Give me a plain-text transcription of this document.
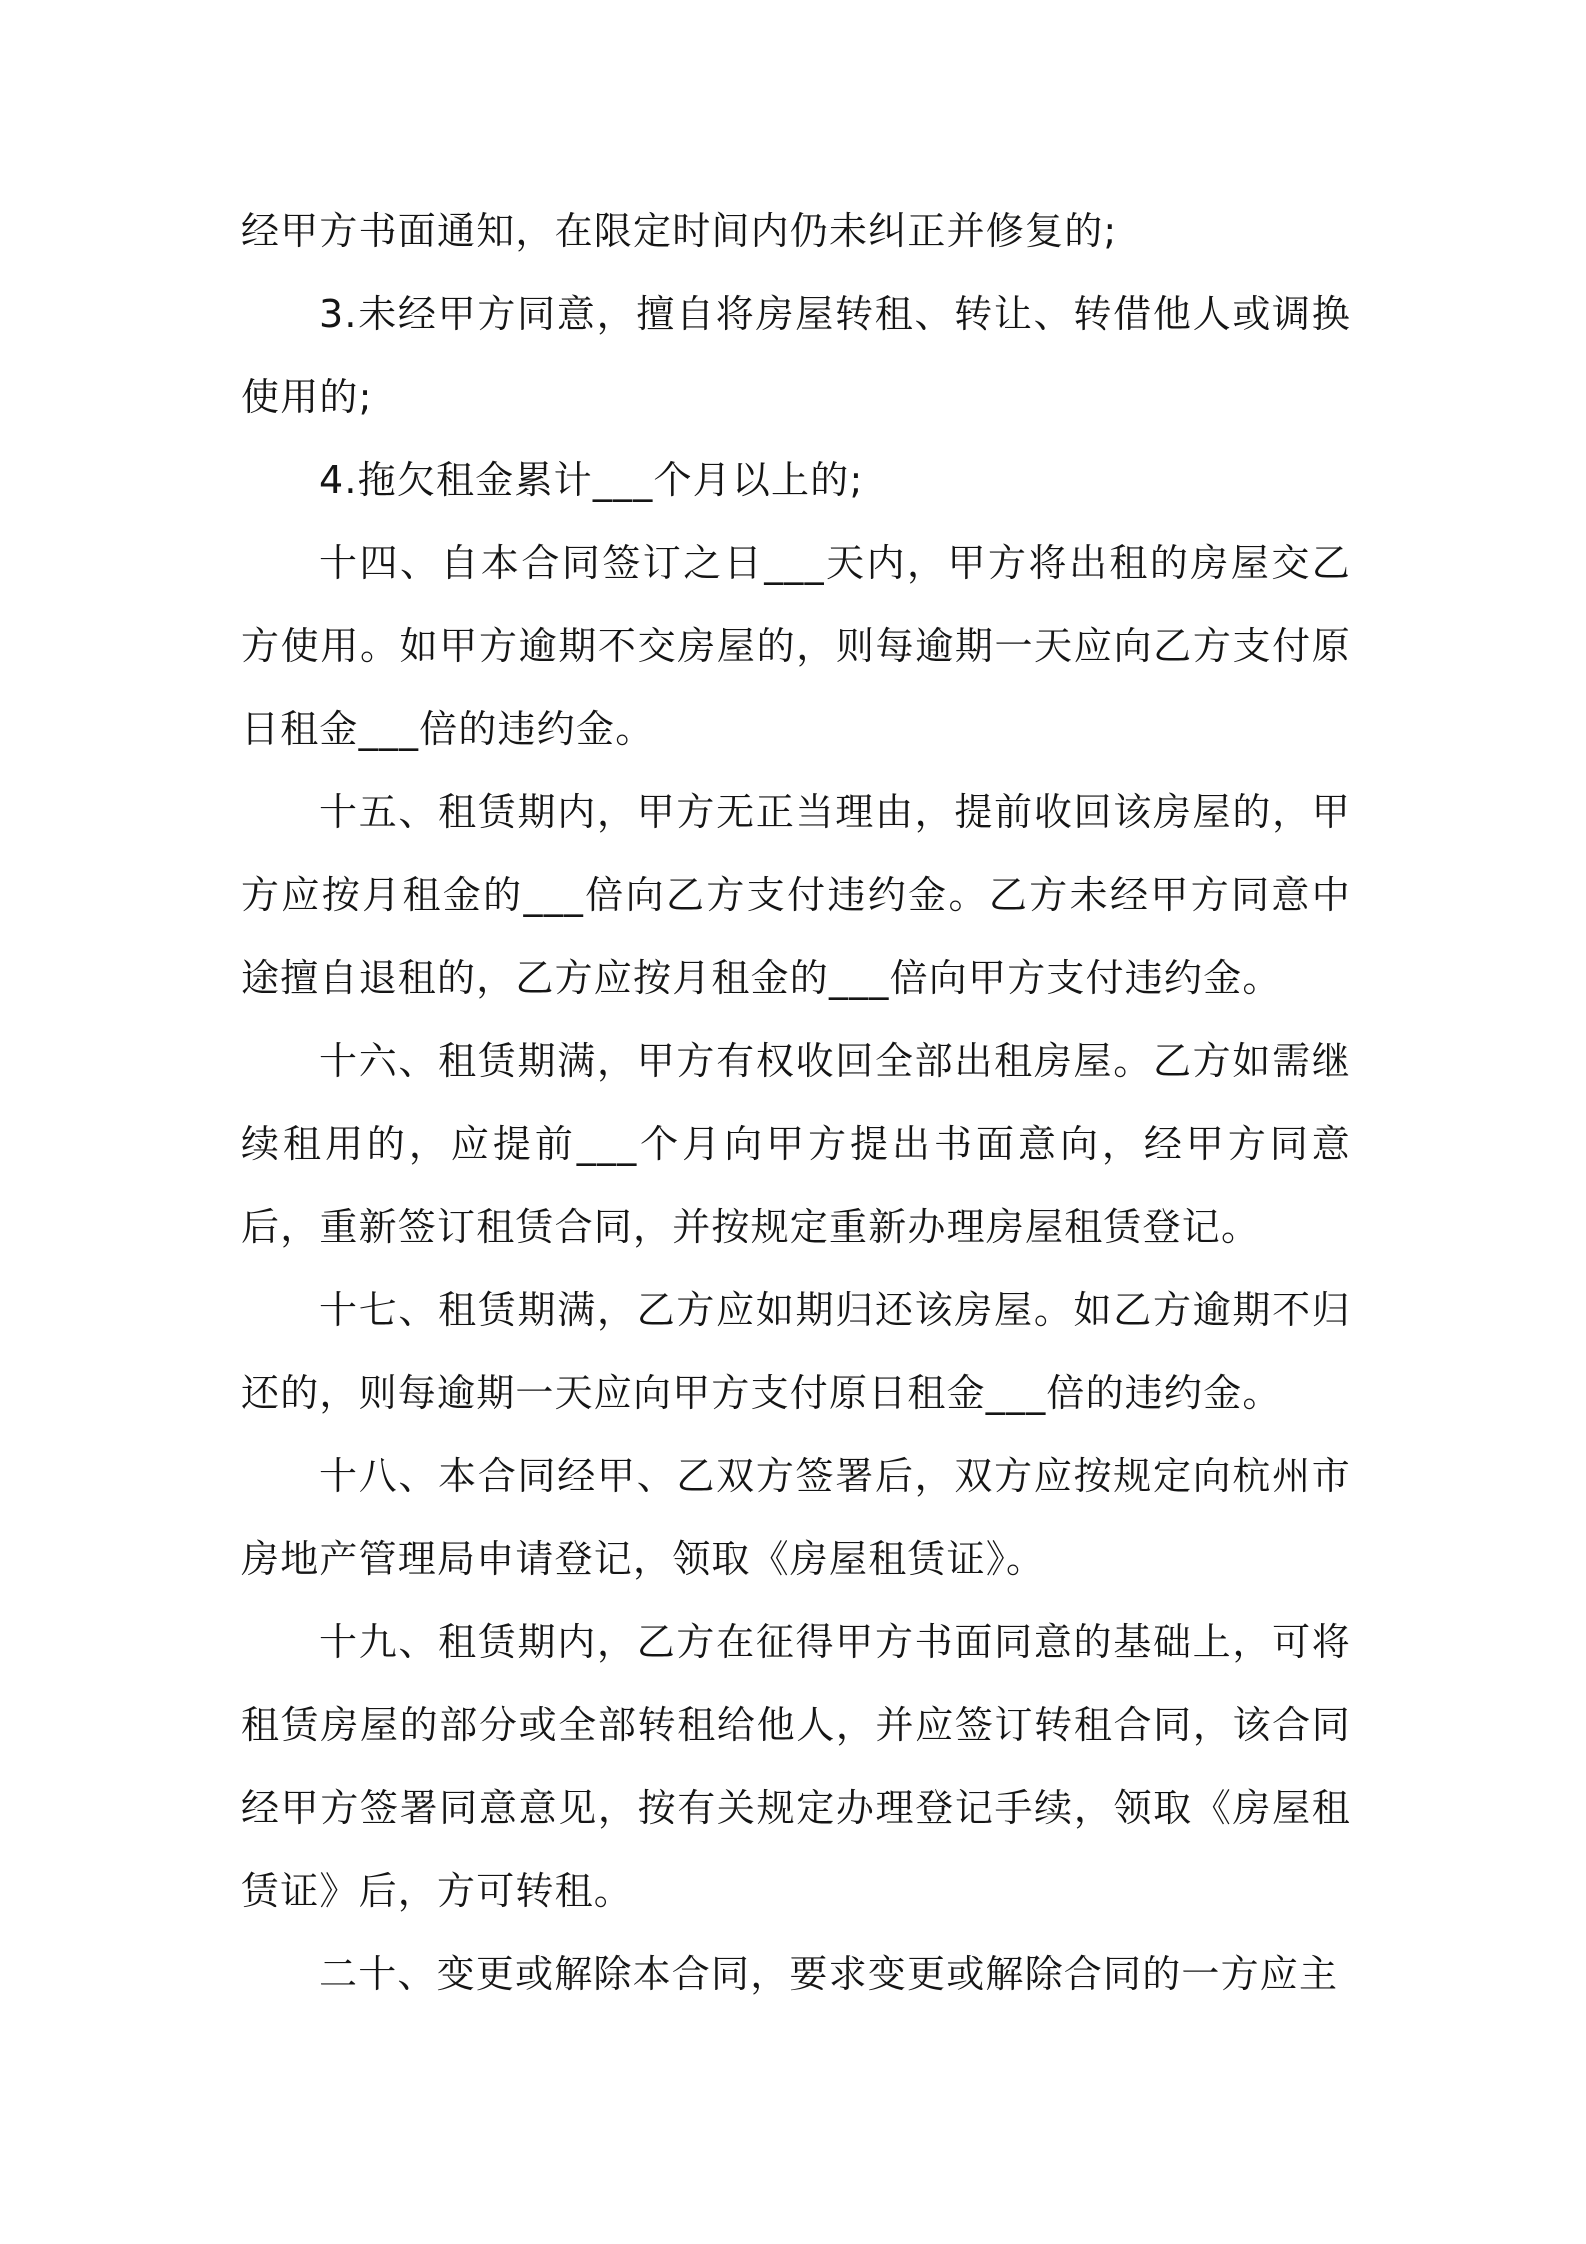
经甲方书面通知，在限定时间内仍未纠正并修复的;

3.未经甲方同意，擅自将房屋转租、转让、转借他人或调换使用的;

4.拖欠租金累计___个月以上的;

十四、自本合同签订之日___天内，甲方将出租的房屋交乙方使用。如甲方逾期不交房屋的，则每逾期一天应向乙方支付原日租金___倍的违约金。

十五、租赁期内，甲方无正当理由，提前收回该房屋的，甲方应按月租金的___倍向乙方支付违约金。乙方未经甲方同意中途擅自退租的，乙方应按月租金的___倍向甲方支付违约金。

十六、租赁期满，甲方有权收回全部出租房屋。乙方如需继续租用的，应提前___个月向甲方提出书面意向，经甲方同意后，重新签订租赁合同，并按规定重新办理房屋租赁登记。

十七、租赁期满，乙方应如期归还该房屋。如乙方逾期不归还的，则每逾期一天应向甲方支付原日租金___倍的违约金。

十八、本合同经甲、乙双方签署后，双方应按规定向杭州市房地产管理局申请登记，领取《房屋租赁证》。

十九、租赁期内，乙方在征得甲方书面同意的基础上，可将租赁房屋的部分或全部转租给他人，并应签订转租合同，该合同经甲方签署同意意见，按有关规定办理登记手续，领取《房屋租赁证》后，方可转租。

二十、变更或解除本合同，要求变更或解除合同的一方应主
